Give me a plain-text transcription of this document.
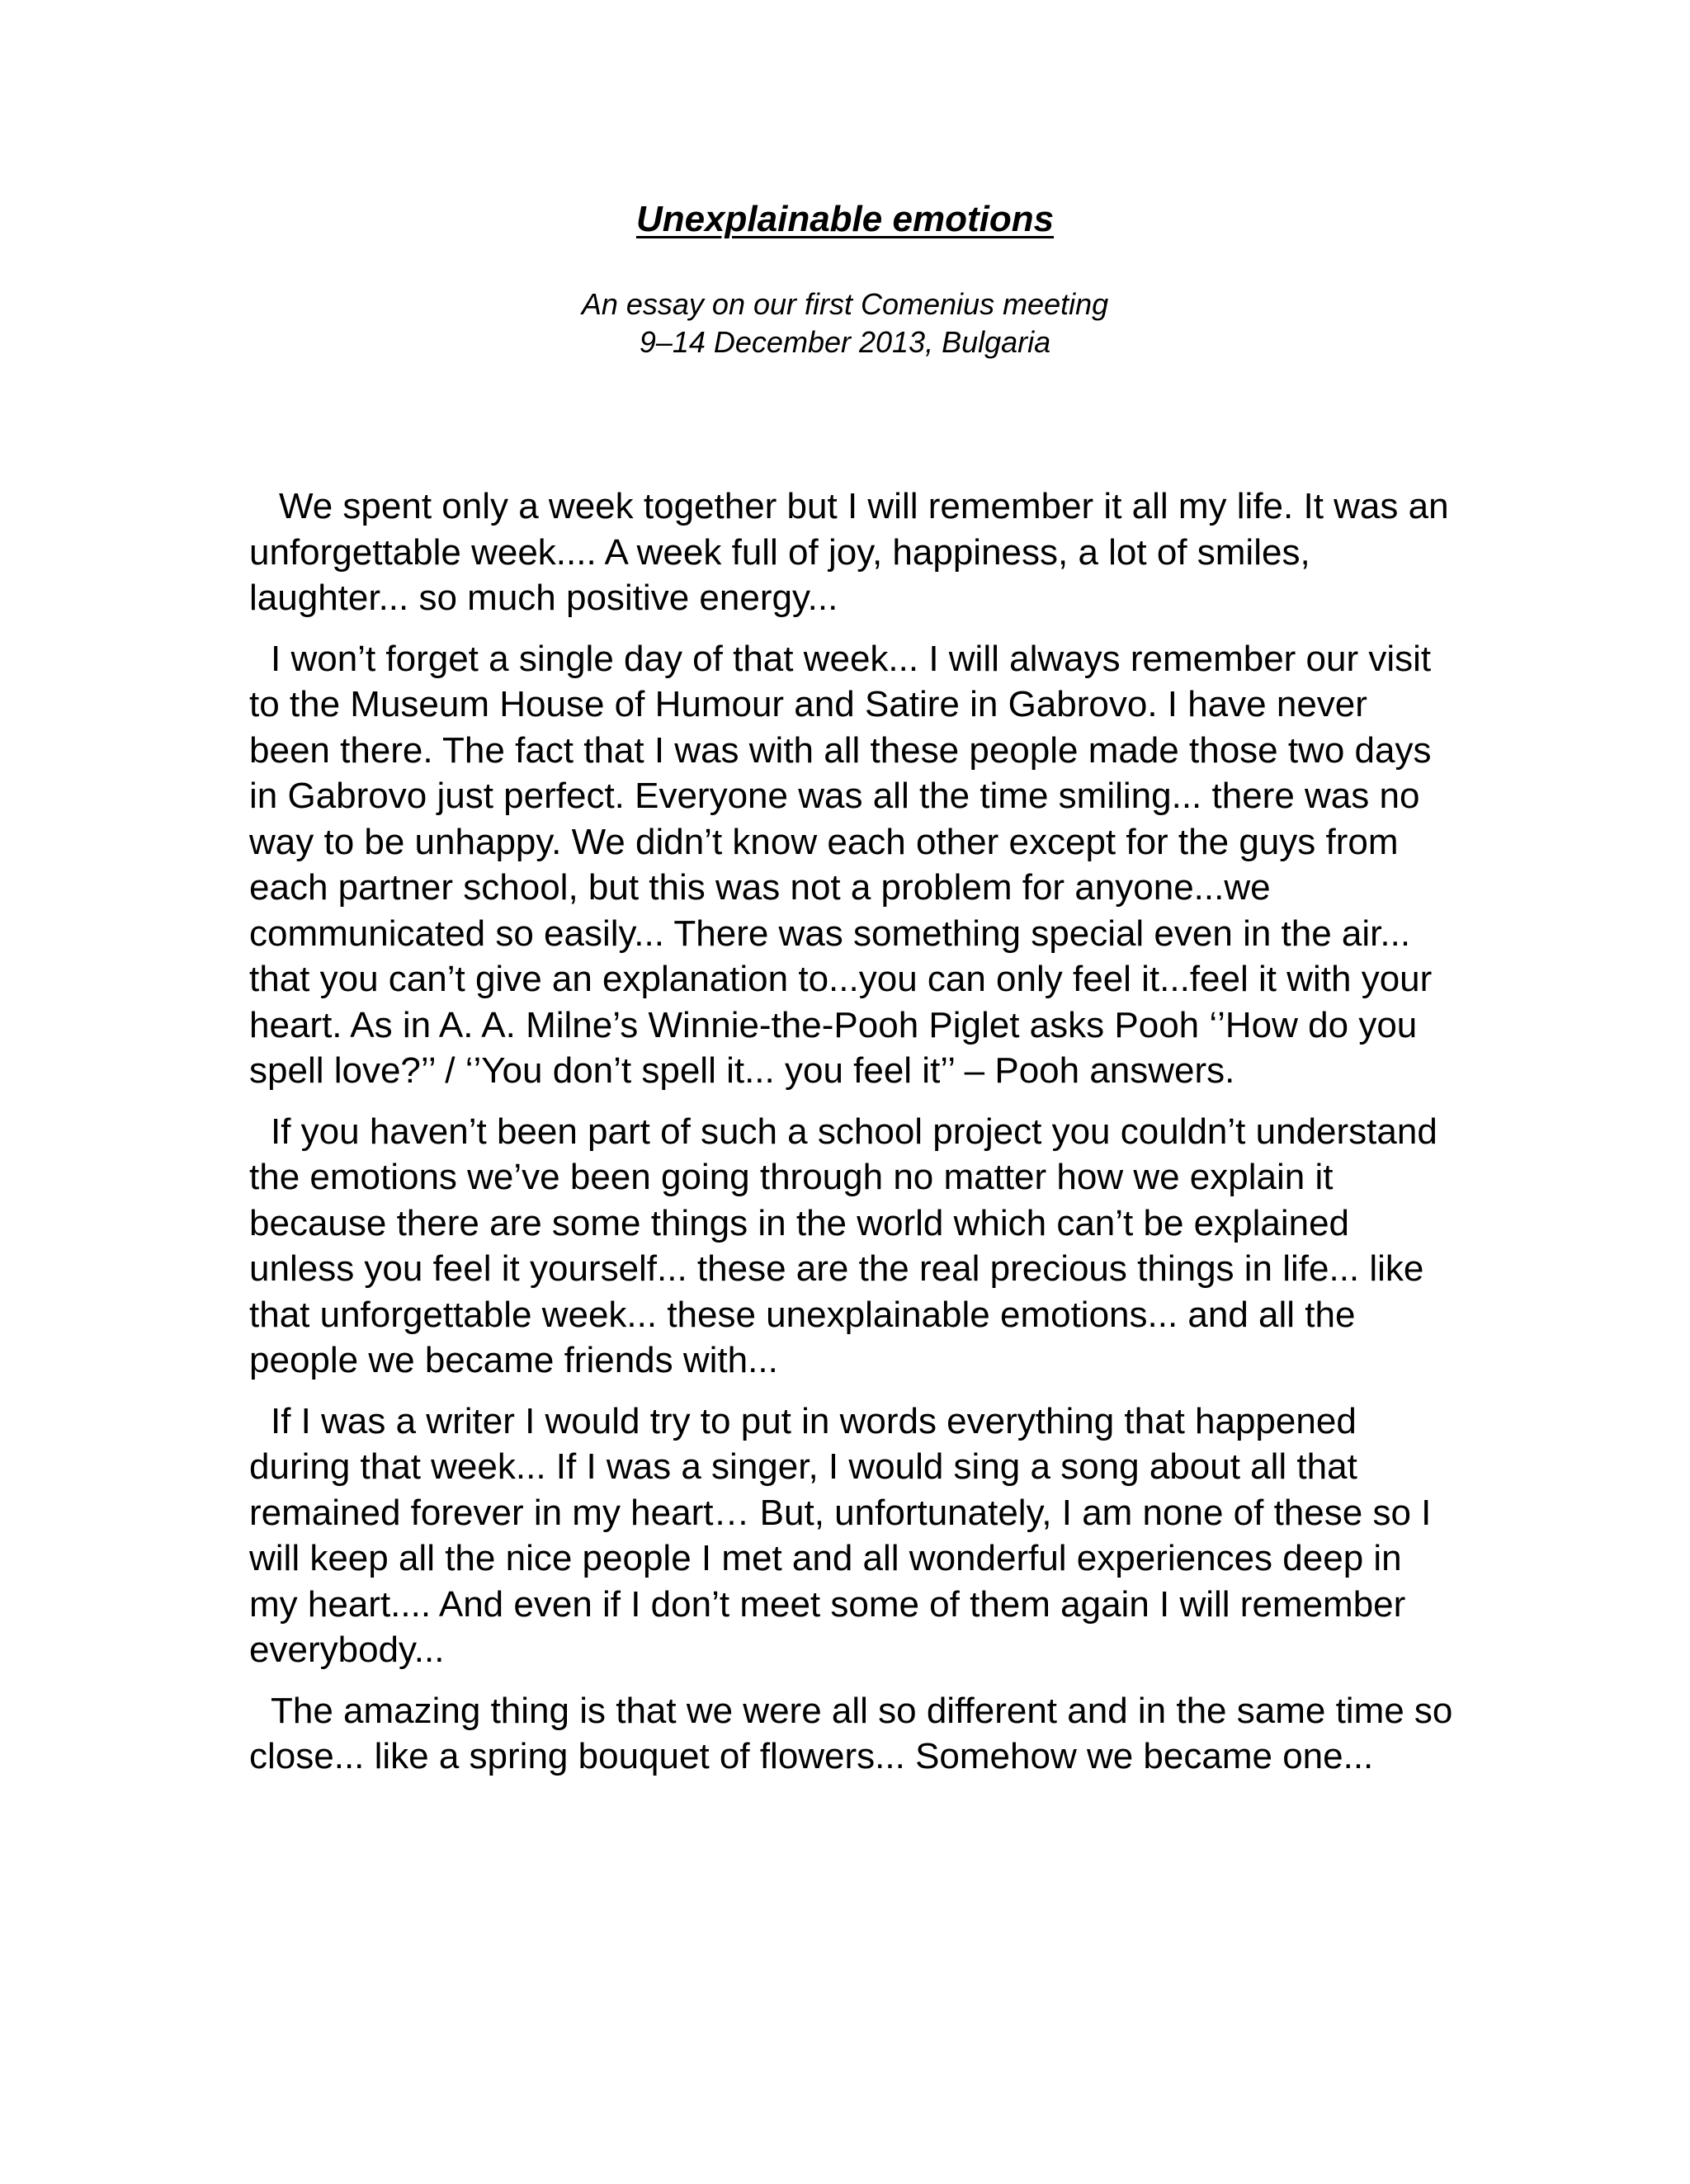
Unexplainable emotions
An essay on our first Comenius meeting
9–14 December 2013, Bulgaria

We spent only a week together but I will remember it all my life. It was an unforgettable week.... A week full of joy, happiness, a lot of smiles, laughter... so much positive energy...

I won’t forget a single day of that week... I will always remember our visit to the Museum House of Humour and Satire in Gabrovo. I have never been there. The fact that I was with all these people made those two days in Gabrovo just perfect. Everyone was all the time smiling... there was no way to be unhappy. We didn’t know each other except for the guys from each partner school, but this was not a problem for anyone...we communicated so easily... There was something special even in the air... that you can’t give an explanation to...you can only feel it...feel it with your heart. As in A. A. Milne’s Winnie-the-Pooh Piglet asks Pooh ‘’How do you spell love?’’ / ‘’You don’t spell it... you feel it’’ – Pooh answers.

If you haven’t been part of such a school project you couldn’t understand the emotions we’ve been going through no matter how we explain it because there are some things in the world which can’t be explained unless you feel it yourself... these are the real precious things in life... like that unforgettable week... these unexplainable emotions... and all the people we became friends with...

If I was a writer I would try to put in words everything that happened during that week... If I was a singer, I would sing a song about all that remained forever in my heart… But, unfortunately, I am none of these so I will keep all the nice people I met and all wonderful experiences deep in my heart.... And even if I don’t meet some of them again I will remember everybody...

The amazing thing is that we were all so different and in the same time so close... like a spring bouquet of flowers... Somehow we became one...
